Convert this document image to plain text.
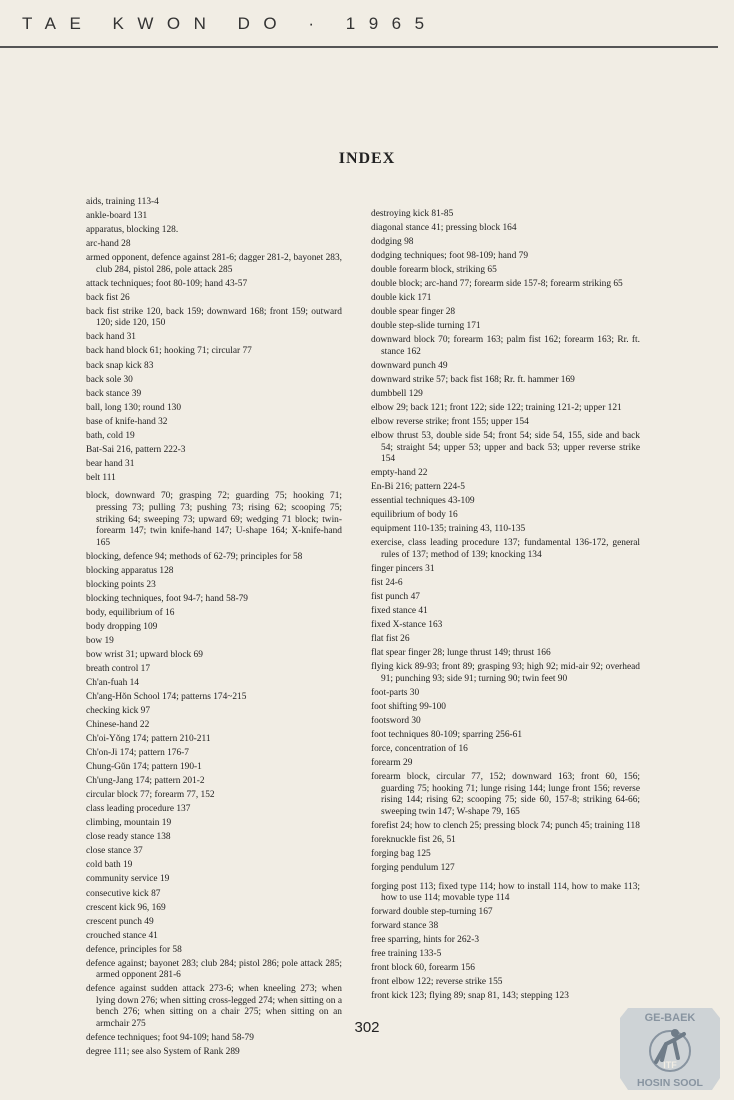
TAE KWON DO · 1965
INDEX
aids, training 113-4
ankle-board 131
apparatus, blocking 128.
arc-hand 28
armed opponent, defence against 281-6; dagger 281-2, bayonet 283, club 284, pistol 286, pole attack 285
attack techniques; foot 80-109; hand 43-57
back fist 26
back fist strike 120, back 159; downward 168; front 159; outward 120; side 120, 150
back hand 31
back hand block 61; hooking 71; circular 77
back snap kick 83
back sole 30
back stance 39
ball, long 130; round 130
base of knife-hand 32
bath, cold 19
Bat-Sai 216, pattern 222-3
bear hand 31
belt 111
block, downward 70; grasping 72; guarding 75; hooking 71; pressing 73; pulling 73; pushing 73; rising 62; scooping 75; striking 64; sweeping 73; upward 69; wedging 71 block; twin-forearm 147; twin knife-hand 147; U-shape 164; X-knife-hand 165
blocking, defence 94; methods of 62-79; principles for 58
blocking apparatus 128
blocking points 23
blocking techniques, foot 94-7; hand 58-79
body, equilibrium of 16
body dropping 109
bow 19
bow wrist 31; upward block 69
breath control 17
Ch'an-fuah 14
Ch'ang-Hŏn School 174; patterns 174~215
checking kick 97
Chinese-hand 22
Ch'oi-Yŏng 174; pattern 210-211
Ch'on-Ji 174; pattern 176-7
Chung-Gŭn 174; pattern 190-1
Ch'ung-Jang 174; pattern 201-2
circular block 77; forearm 77, 152
class leading procedure 137
climbing, mountain 19
close ready stance 138
close stance 37
cold bath 19
community service 19
consecutive kick 87
crescent kick 96, 169
crescent punch 49
crouched stance 41
defence, principles for 58
defence against; bayonet 283; club 284; pistol 286; pole attack 285; armed opponent 281-6
defence against sudden attack 273-6; when kneeling 273; when lying down 276; when sitting cross-legged 274; when sitting on a bench 276; when sitting on a chair 275; when sitting on an armchair 275
defence techniques; foot 94-109; hand 58-79
degree 111; see also System of Rank 289
destroying kick 81-85
diagonal stance 41; pressing block 164
dodging 98
dodging techniques; foot 98-109; hand 79
double forearm block, striking 65
double block; arc-hand 77; forearm side 157-8; forearm striking 65
double kick 171
double spear finger 28
double step-slide turning 171
downward block 70; forearm 163; palm fist 162; forearm 163; Rr. ft. stance 162
downward punch 49
downward strike 57; back fist 168; Rr. ft. hammer 169
dumbbell 129
elbow 29; back 121; front 122; side 122; training 121-2; upper 121
elbow reverse strike; front 155; upper 154
elbow thrust 53, double side 54; front 54; side 54, 155, side and back 54; straight 54; upper 53; upper and back 53; upper reverse strike 154
empty-hand 22
En-Bi 216; pattern 224-5
essential techniques 43-109
equilibrium of body 16
equipment 110-135; training 43, 110-135
exercise, class leading procedure 137; fundamental 136-172, general rules of 137; method of 139; knocking 134
finger pincers 31
fist 24-6
fist punch 47
fixed stance 41
fixed X-stance 163
flat fist 26
flat spear finger 28; lunge thrust 149; thrust 166
flying kick 89-93; front 89; grasping 93; high 92; mid-air 92; overhead 91; punching 93; side 91; turning 90; twin feet 90
foot-parts 30
foot shifting 99-100
footsword 30
foot techniques 80-109; sparring 256-61
force, concentration of 16
forearm 29
forearm block, circular 77, 152; downward 163; front 60, 156; guarding 75; hooking 71; lunge rising 144; lunge front 156; reverse rising 144; rising 62; scooping 75; side 60, 157-8; striking 64-66; sweeping twin 147; W-shape 79, 165
forefist 24; how to clench 25; pressing block 74; punch 45; training 118
foreknuckle fist 26, 51
forging bag 125
forging pendulum 127
forging post 113; fixed type 114; how to install 114, how to make 113; how to use 114; movable type 114
forward double step-turning 167
forward stance 38
free sparring, hints for 262-3
free training 133-5
front block 60, forearm 156
front elbow 122; reverse strike 155
front kick 123; flying 89; snap 81, 143; stepping 123
302
GE-BAEK
ITF
HOSIN SOOL
